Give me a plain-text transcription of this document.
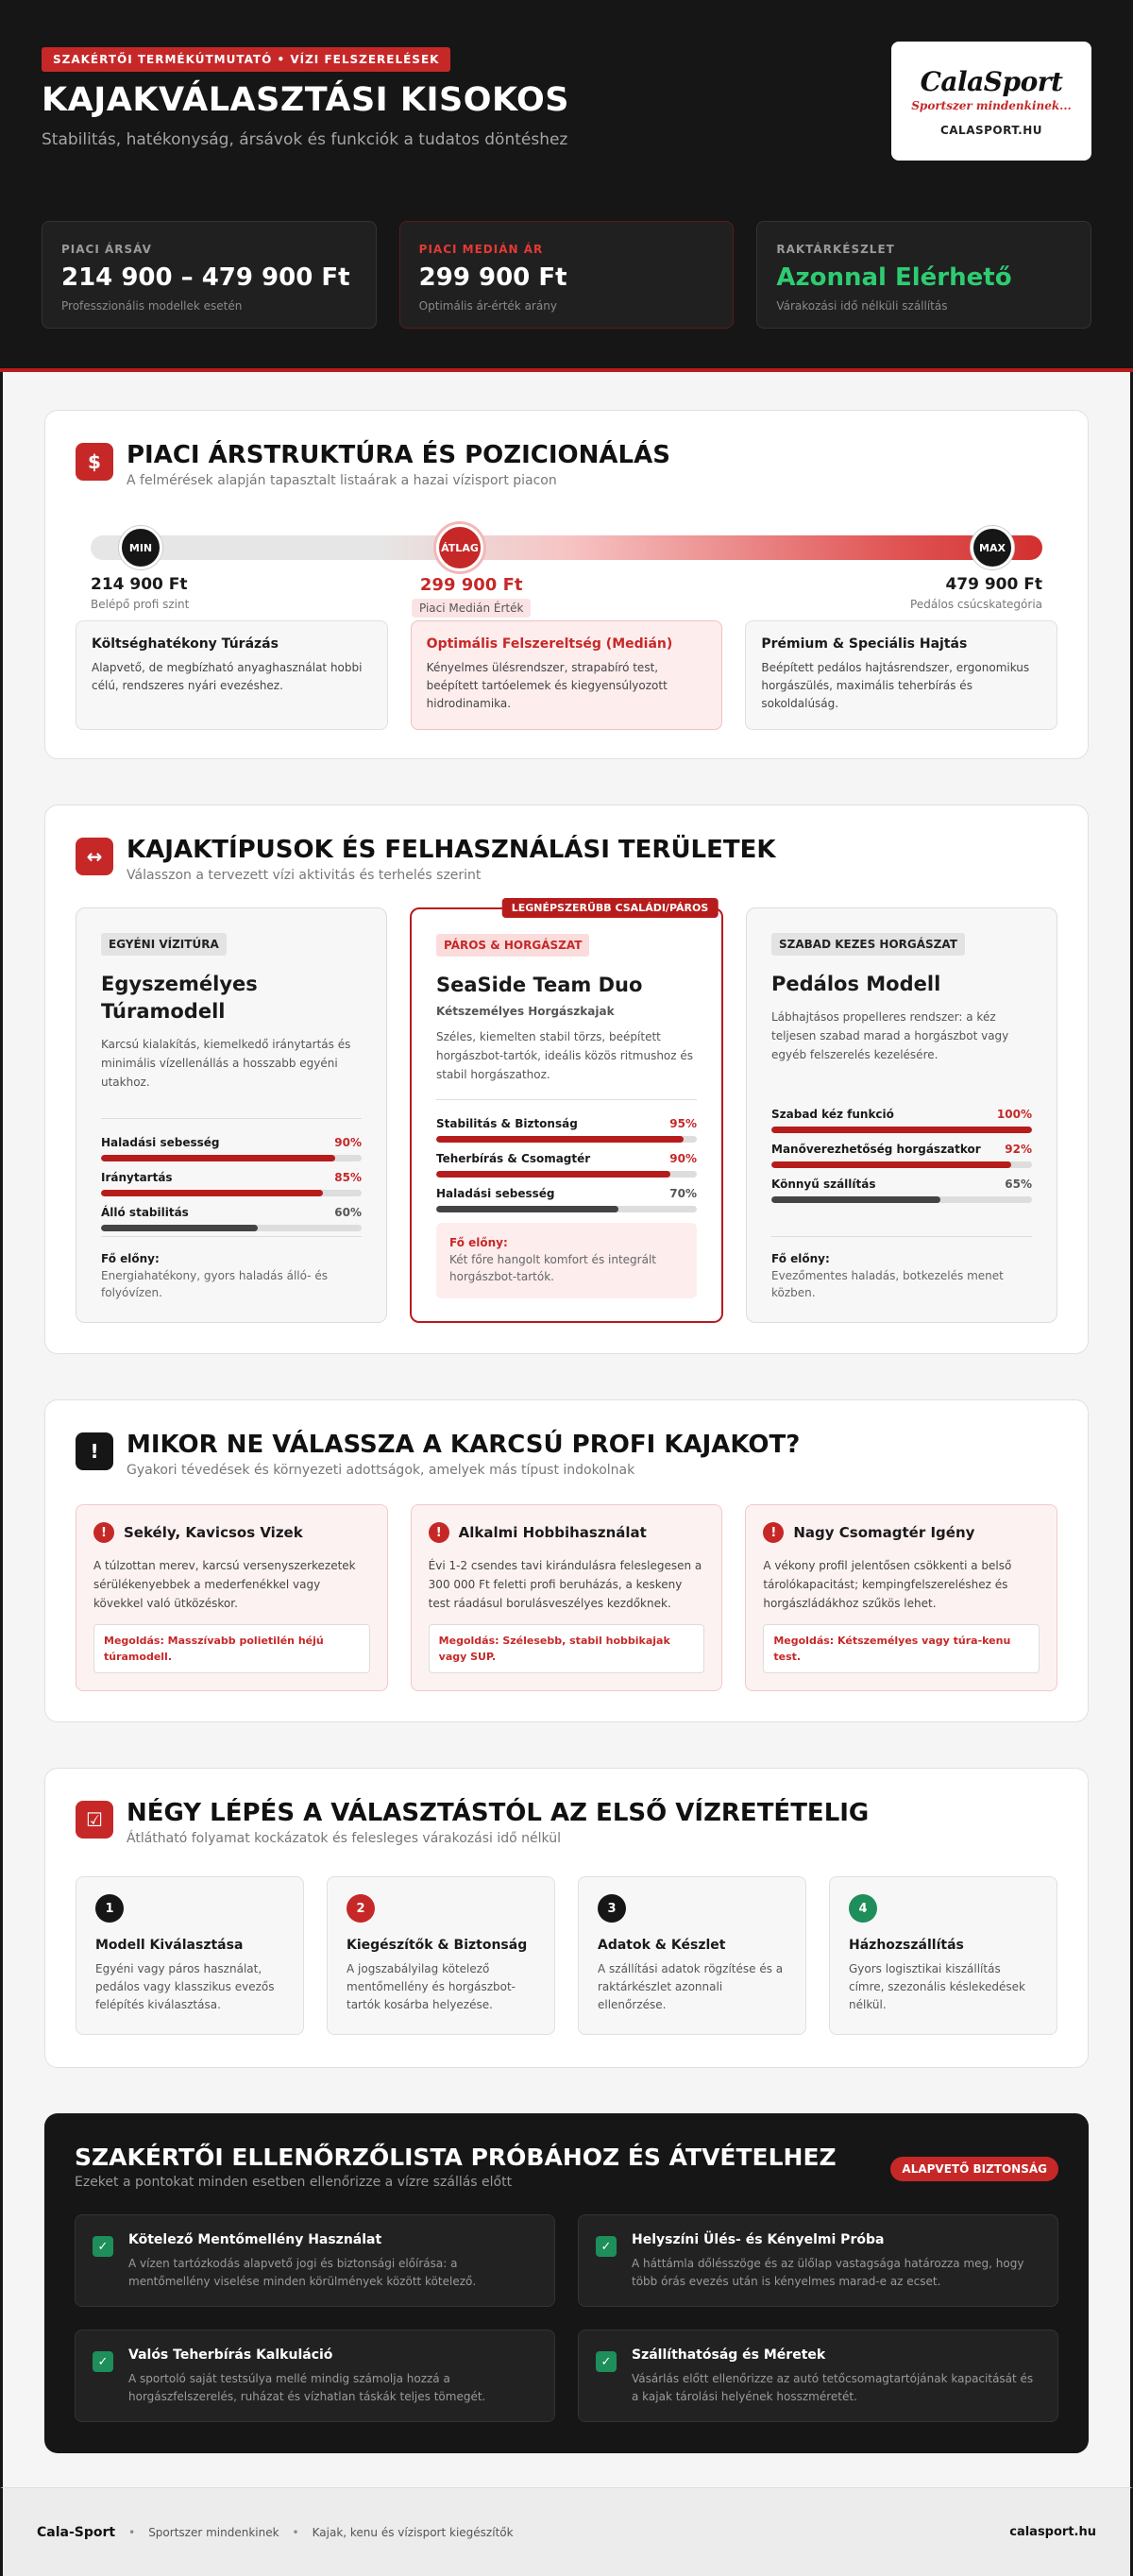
SZAKÉRTŐI TERMÉKÚTMUTATÓ • VÍZI FELSZERELÉSEK
KAJAKVÁLASZTÁSI KISOKOS
Stabilitás, hatékonyság, ársávok és funkciók a tudatos döntéshez
CalaSport
Sportszer mindenkinek...
CALASPORT.HU
PIACI ÁRSÁV
214 900 – 479 900 Ft
Professzionális modellek esetén
PIACI MEDIÁN ÁR
299 900 Ft
Optimális ár-érték arány
RAKTÁRKÉSZLET
Azonnal Elérhető
Várakozási idő nélküli szállítás
$	PIACI ÁRSTRUKTÚRA ÉS POZICIONÁLÁS
A felmérések alapján tapasztalt listaárak a hazai vízisport piacon
MIN	ÁTLAG	MAX
214 900 Ft
Belépő profi szint
299 900 Ft
Piaci Medián Érték
479 900 Ft
Pedálos csúcskategória
Költséghatékony Túrázás
Alapvető, de megbízható anyaghasználat hobbi célú, rendszeres nyári evezéshez.
Optimális Felszereltség (Medián)
Kényelmes ülésrendszer, strapabíró test, beépített tartóelemek és kiegyensúlyozott hidrodinamika.
Prémium & Speciális Hajtás
Beépített pedálos hajtásrendszer, ergonomikus horgászülés, maximális teherbírás és sokoldalúság.
↔ KAJAKTÍPUSOK ÉS FELHASZNÁLÁSI TERÜLETEK
Válasszon a tervezett vízi aktivitás és terhelés szerint
EGYÉNI VÍZITÚRA
Egyszemélyes Túramodell
Karcsú kialakítás, kiemelkedő iránytartás és minimális vízellenállás a hosszabb egyéni utakhoz.
Haladási sebesség	90%
Iránytartás	85%
Álló stabilitás	60%
Fő előny:
Energiahatékony, gyors haladás álló- és folyóvízen.
LEGNÉPSZERŰBB CSALÁDI/PÁROS
PÁROS & HORGÁSZAT
SeaSide Team Duo
Kétszemélyes Horgászkajak
Széles, kiemelten stabil törzs, beépített horgászbot-tartók, ideális közös ritmushoz és stabil horgászathoz.
Stabilitás & Biztonság	95%
Teherbírás & Csomagtér	90%
Haladási sebesség	70%
Fő előny:
Két főre hangolt komfort és integrált horgászbot-tartók.
SZABAD KEZES HORGÁSZAT
Pedálos Modell
Lábhajtásos propelleres rendszer: a kéz teljesen szabad marad a horgászbot vagy egyéb felszerelés kezelésére.
Szabad kéz funkció	100%
Manőverezhetőség horgászatkor 92%
Könnyű szállítás	65%
Fő előny:
Evezőmentes haladás, botkezelés menet közben.
!	MIKOR NE VÁLASSZA A KARCSÚ PROFI KAJAKOT?
Gyakori tévedések és környezeti adottságok, amelyek más típust indokolnak
!	Sekély, Kavicsos Vizek
A túlzottan merev, karcsú versenyszerkezetek sérülékenyebbek a mederfenékkel vagy kövekkel való ütközéskor.
Megoldás: Masszívabb polietilén héjú túramodell.
!	Alkalmi Hobbihasználat
Évi 1-2 csendes tavi kirándulásra feleslegesen a 300 000 Ft feletti profi beruházás, a keskeny test ráadásul borulásveszélyes kezdőknek.
Megoldás: Szélesebb, stabil hobbikajak vagy SUP.
!	Nagy Csomagtér Igény
A vékony profil jelentősen csökkenti a belső tárolókapacitást; kempingfelszereléshez és horgászládákhoz szűkös lehet.
Megoldás: Kétszemélyes vagy túra-kenu test.
☑ NÉGY LÉPÉS A VÁLASZTÁSTÓL AZ ELSŐ VÍZRETÉTELIG
Átlátható folyamat kockázatok és felesleges várakozási idő nélkül
1
Modell Kiválasztása
Egyéni vagy páros használat, pedálos vagy klasszikus evezős felépítés kiválasztása.
2
Kiegészítők & Biztonság
A jogszabályilag kötelező mentőmellény és horgászbot-tartók kosárba helyezése.
3
Adatok & Készlet
A szállítási adatok rögzítése és a raktárkészlet azonnali ellenőrzése.
4
Házhozszállítás
Gyors logisztikai kiszállítás címre, szezonális késlekedések nélkül.
SZAKÉRTŐI ELLENŐRZŐLISTA PRÓBÁHOZ ÉS ÁTVÉTELHEZ
Ezeket a pontokat minden esetben ellenőrizze a vízre szállás előtt
ALAPVETŐ BIZTONSÁG
✓	Kötelező Mentőmellény Használat
A vízen tartózkodás alapvető jogi és biztonsági előírása: a mentőmellény viselése minden körülmények között kötelező.
✓	Helyszíni Ülés- és Kényelmi Próba
A háttámla dőlésszöge és az ülőlap vastagsága határozza meg, hogy több órás evezés után is kényelmes marad-e az ecset.
✓	Valós Teherbírás Kalkuláció
A sportoló saját testsúlya mellé mindig számolja hozzá a horgászfelszerelés, ruházat és vízhatlan táskák teljes tömegét.
✓	Szállíthatóság és Méretek
Vásárlás előtt ellenőrizze az autó tetőcsomagtartójának kapacitását és a kajak tárolási helyének hosszméretét.
Cala-Sport • Sportszer mindenkinek • Kajak, kenu és vízisport kiegészítők	calasport.hu
